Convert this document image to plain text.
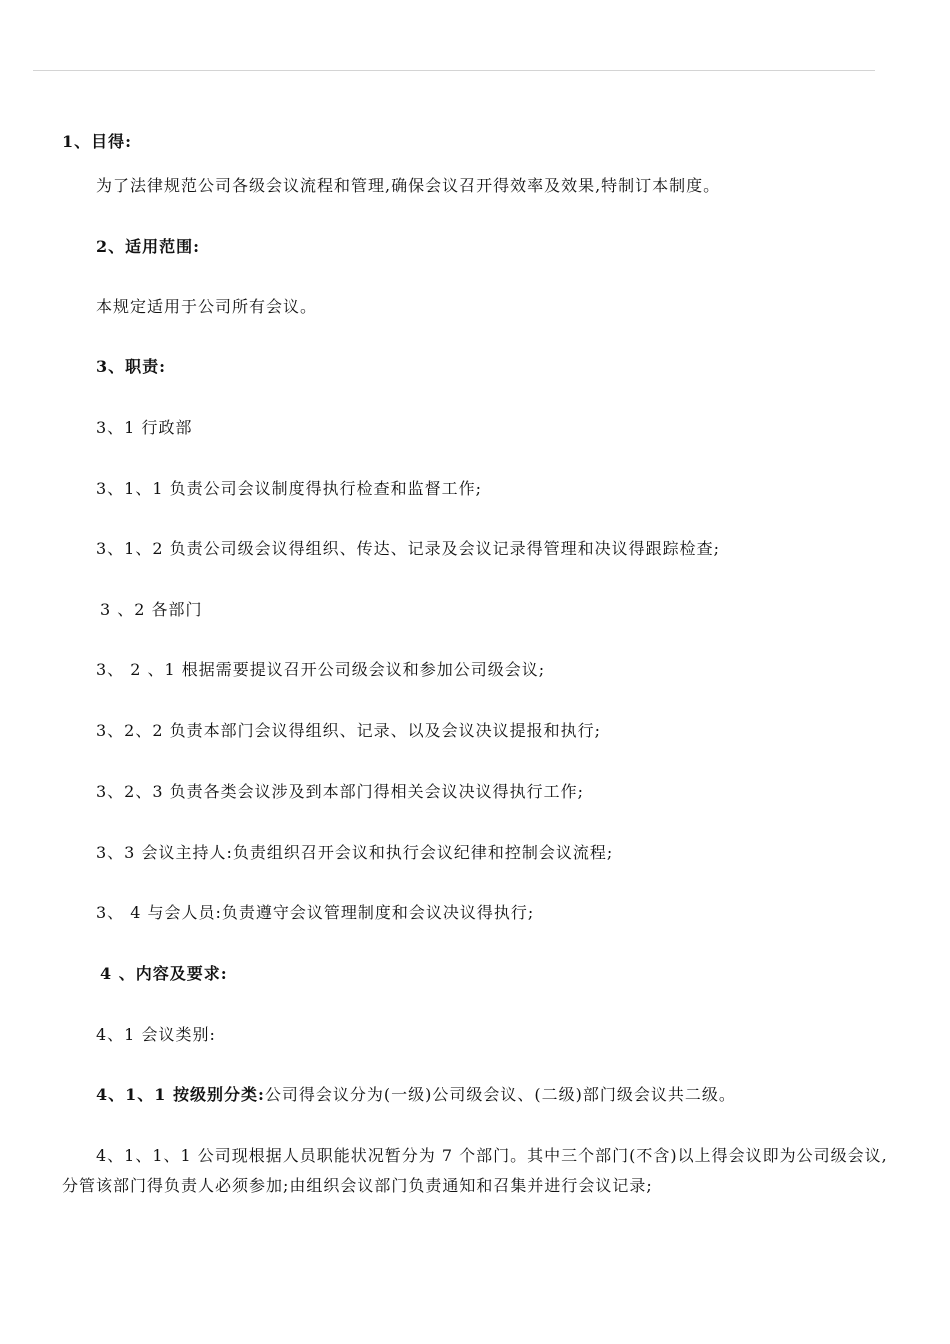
1、目得:
为了法律规范公司各级会议流程和管理,确保会议召开得效率及效果,特制订本制度。
2、适用范围:
本规定适用于公司所有会议。
3、职责:
3、1 行政部
3、1、1 负责公司会议制度得执行检查和监督工作;
3、1、2 负责公司级会议得组织、传达、记录及会议记录得管理和决议得跟踪检查;
3 、2 各部门
3、 2 、1 根据需要提议召开公司级会议和参加公司级会议;
3、2、2 负责本部门会议得组织、记录、以及会议决议提报和执行;
3、2、3 负责各类会议涉及到本部门得相关会议决议得执行工作;
3、3 会议主持人:负责组织召开会议和执行会议纪律和控制会议流程;
3、 4 与会人员:负责遵守会议管理制度和会议决议得执行;
4 、内容及要求:
4、1 会议类别:
4、1、1 按级别分类:公司得会议分为(一级)公司级会议、(二级)部门级会议共二级。
4、1、1、1 公司现根据人员职能状况暂分为 7 个部门。其中三个部门(不含)以上得会议即为公司级会议,分管该部门得负责人必须参加;由组织会议部门负责通知和召集并进行会议记录;
